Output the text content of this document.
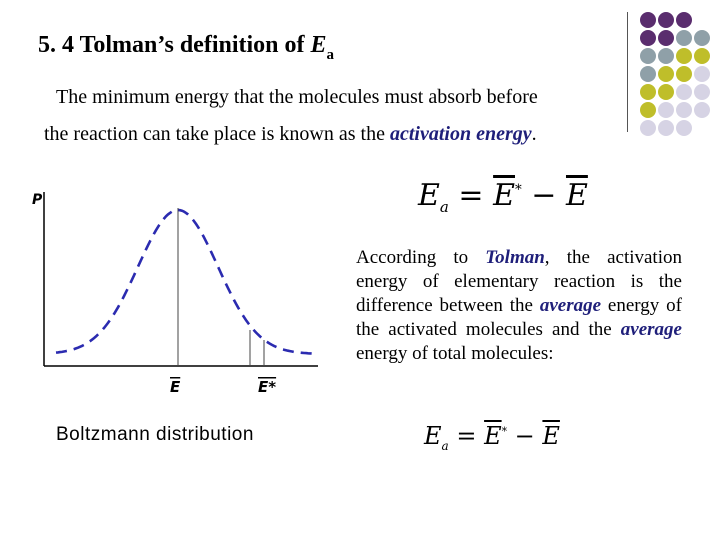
5. 4 Tolman’s definition of $E_a$
The minimum energy that the molecules must absorb before
the reaction can take place is known as the activation energy.
$E_a = \overline{E}^* - \overline{E}$
According to Tolman, the activation energy of elementary reaction is the difference between the average energy of the activated molecules and the average energy of total molecules:
$E_a = \overline{E}^* - \overline{E}$
P
E	E*
Boltzmann distribution
